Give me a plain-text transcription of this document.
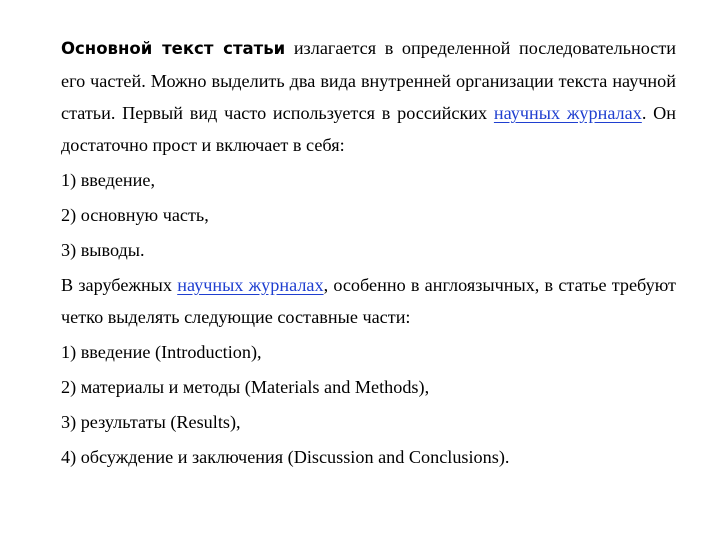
Основной текст статьи излагается в определенной последовательности его частей. Можно выделить два вида внутренней организации текста научной статьи. Первый вид часто используется в российских научных журналах. Он достаточно прост и включает в себя:

1) введение,

2) основную часть,

3) выводы.

В зарубежных научных журналах, особенно в англоязычных, в статье требуют четко выделять следующие составные части:

1) введение (Introduction),

2) материалы и методы (Materials and Methods),

3) результаты (Results),

4) обсуждение и заключения (Discussion and Conclusions).
